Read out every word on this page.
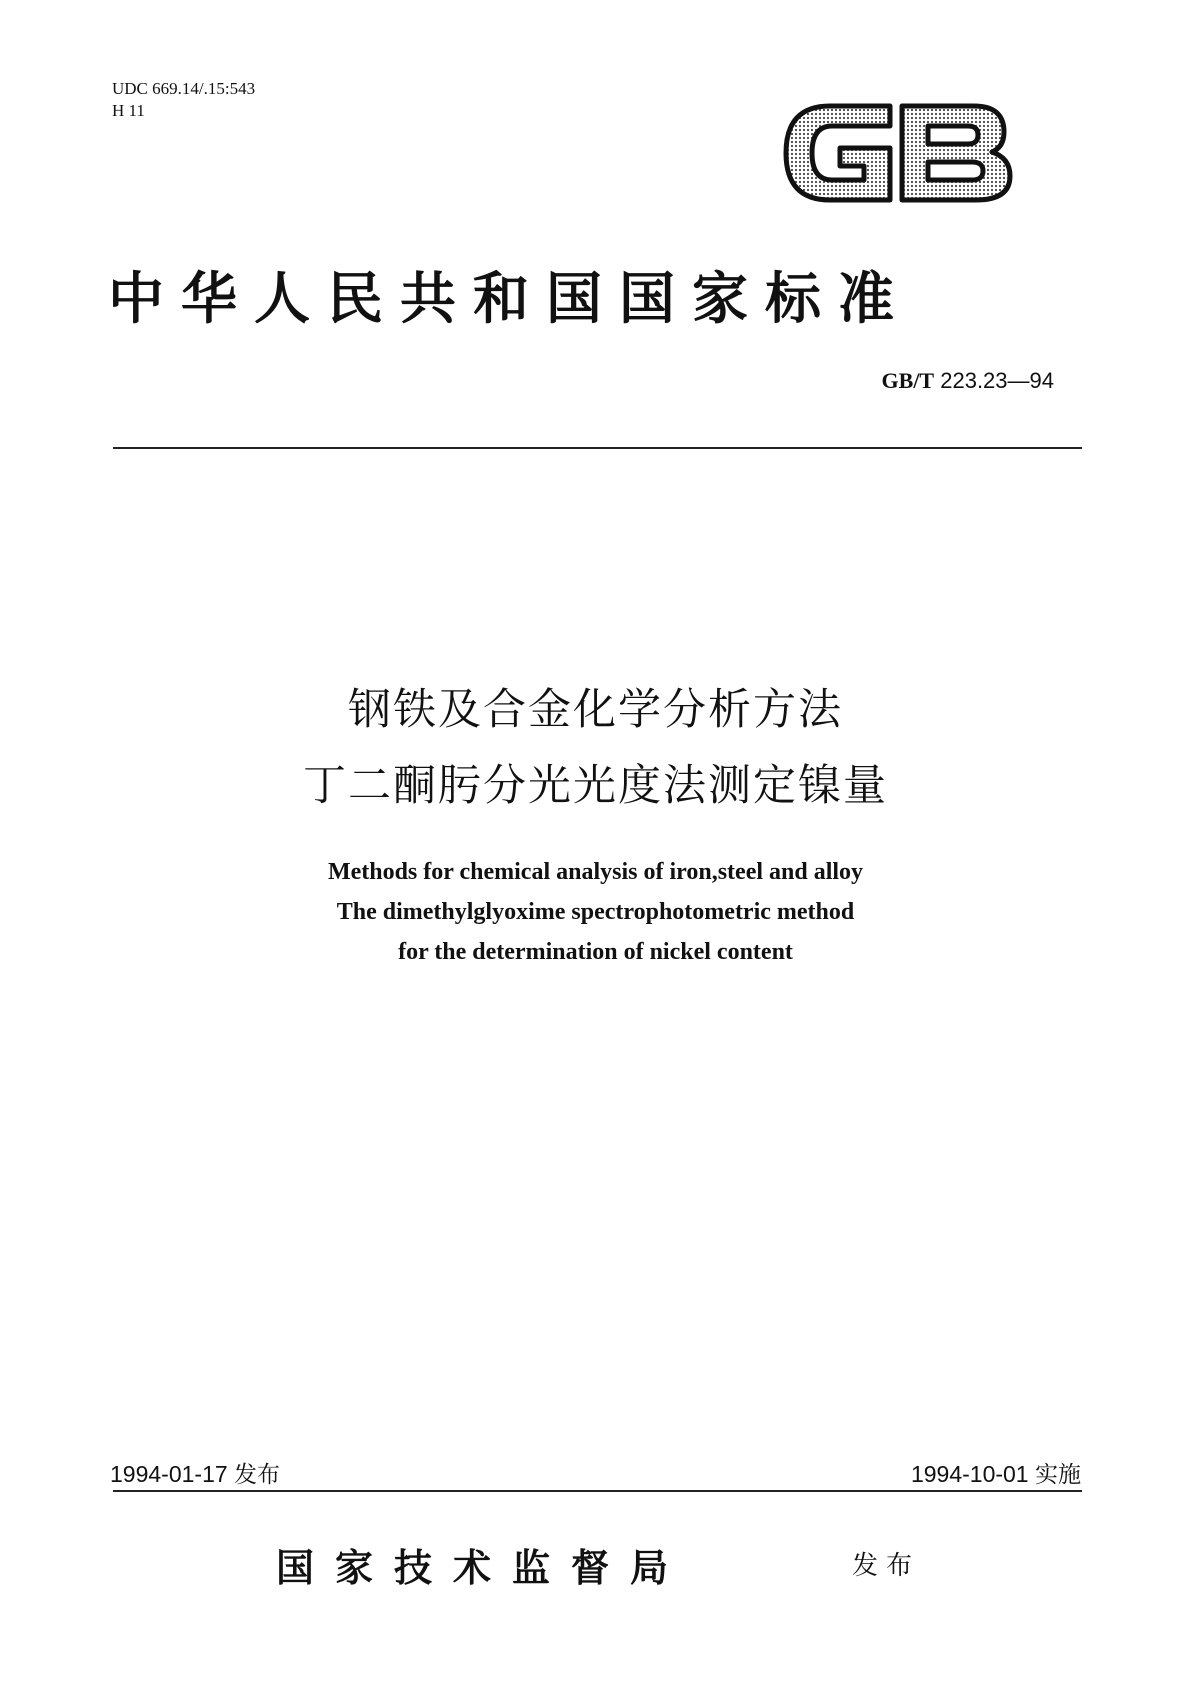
UDC 669.14/.15:543
H 11
中华人民共和国国家标准
GB/T 223.23—94
钢铁及合金化学分析方法
丁二酮肟分光光度法测定镍量
Methods for chemical analysis of iron,steel and alloy
The dimethylglyoxime spectrophotometric method
for the determination of nickel content
1994-01-17 发布	1994-10-01 实施
国家技术监督局	发布
